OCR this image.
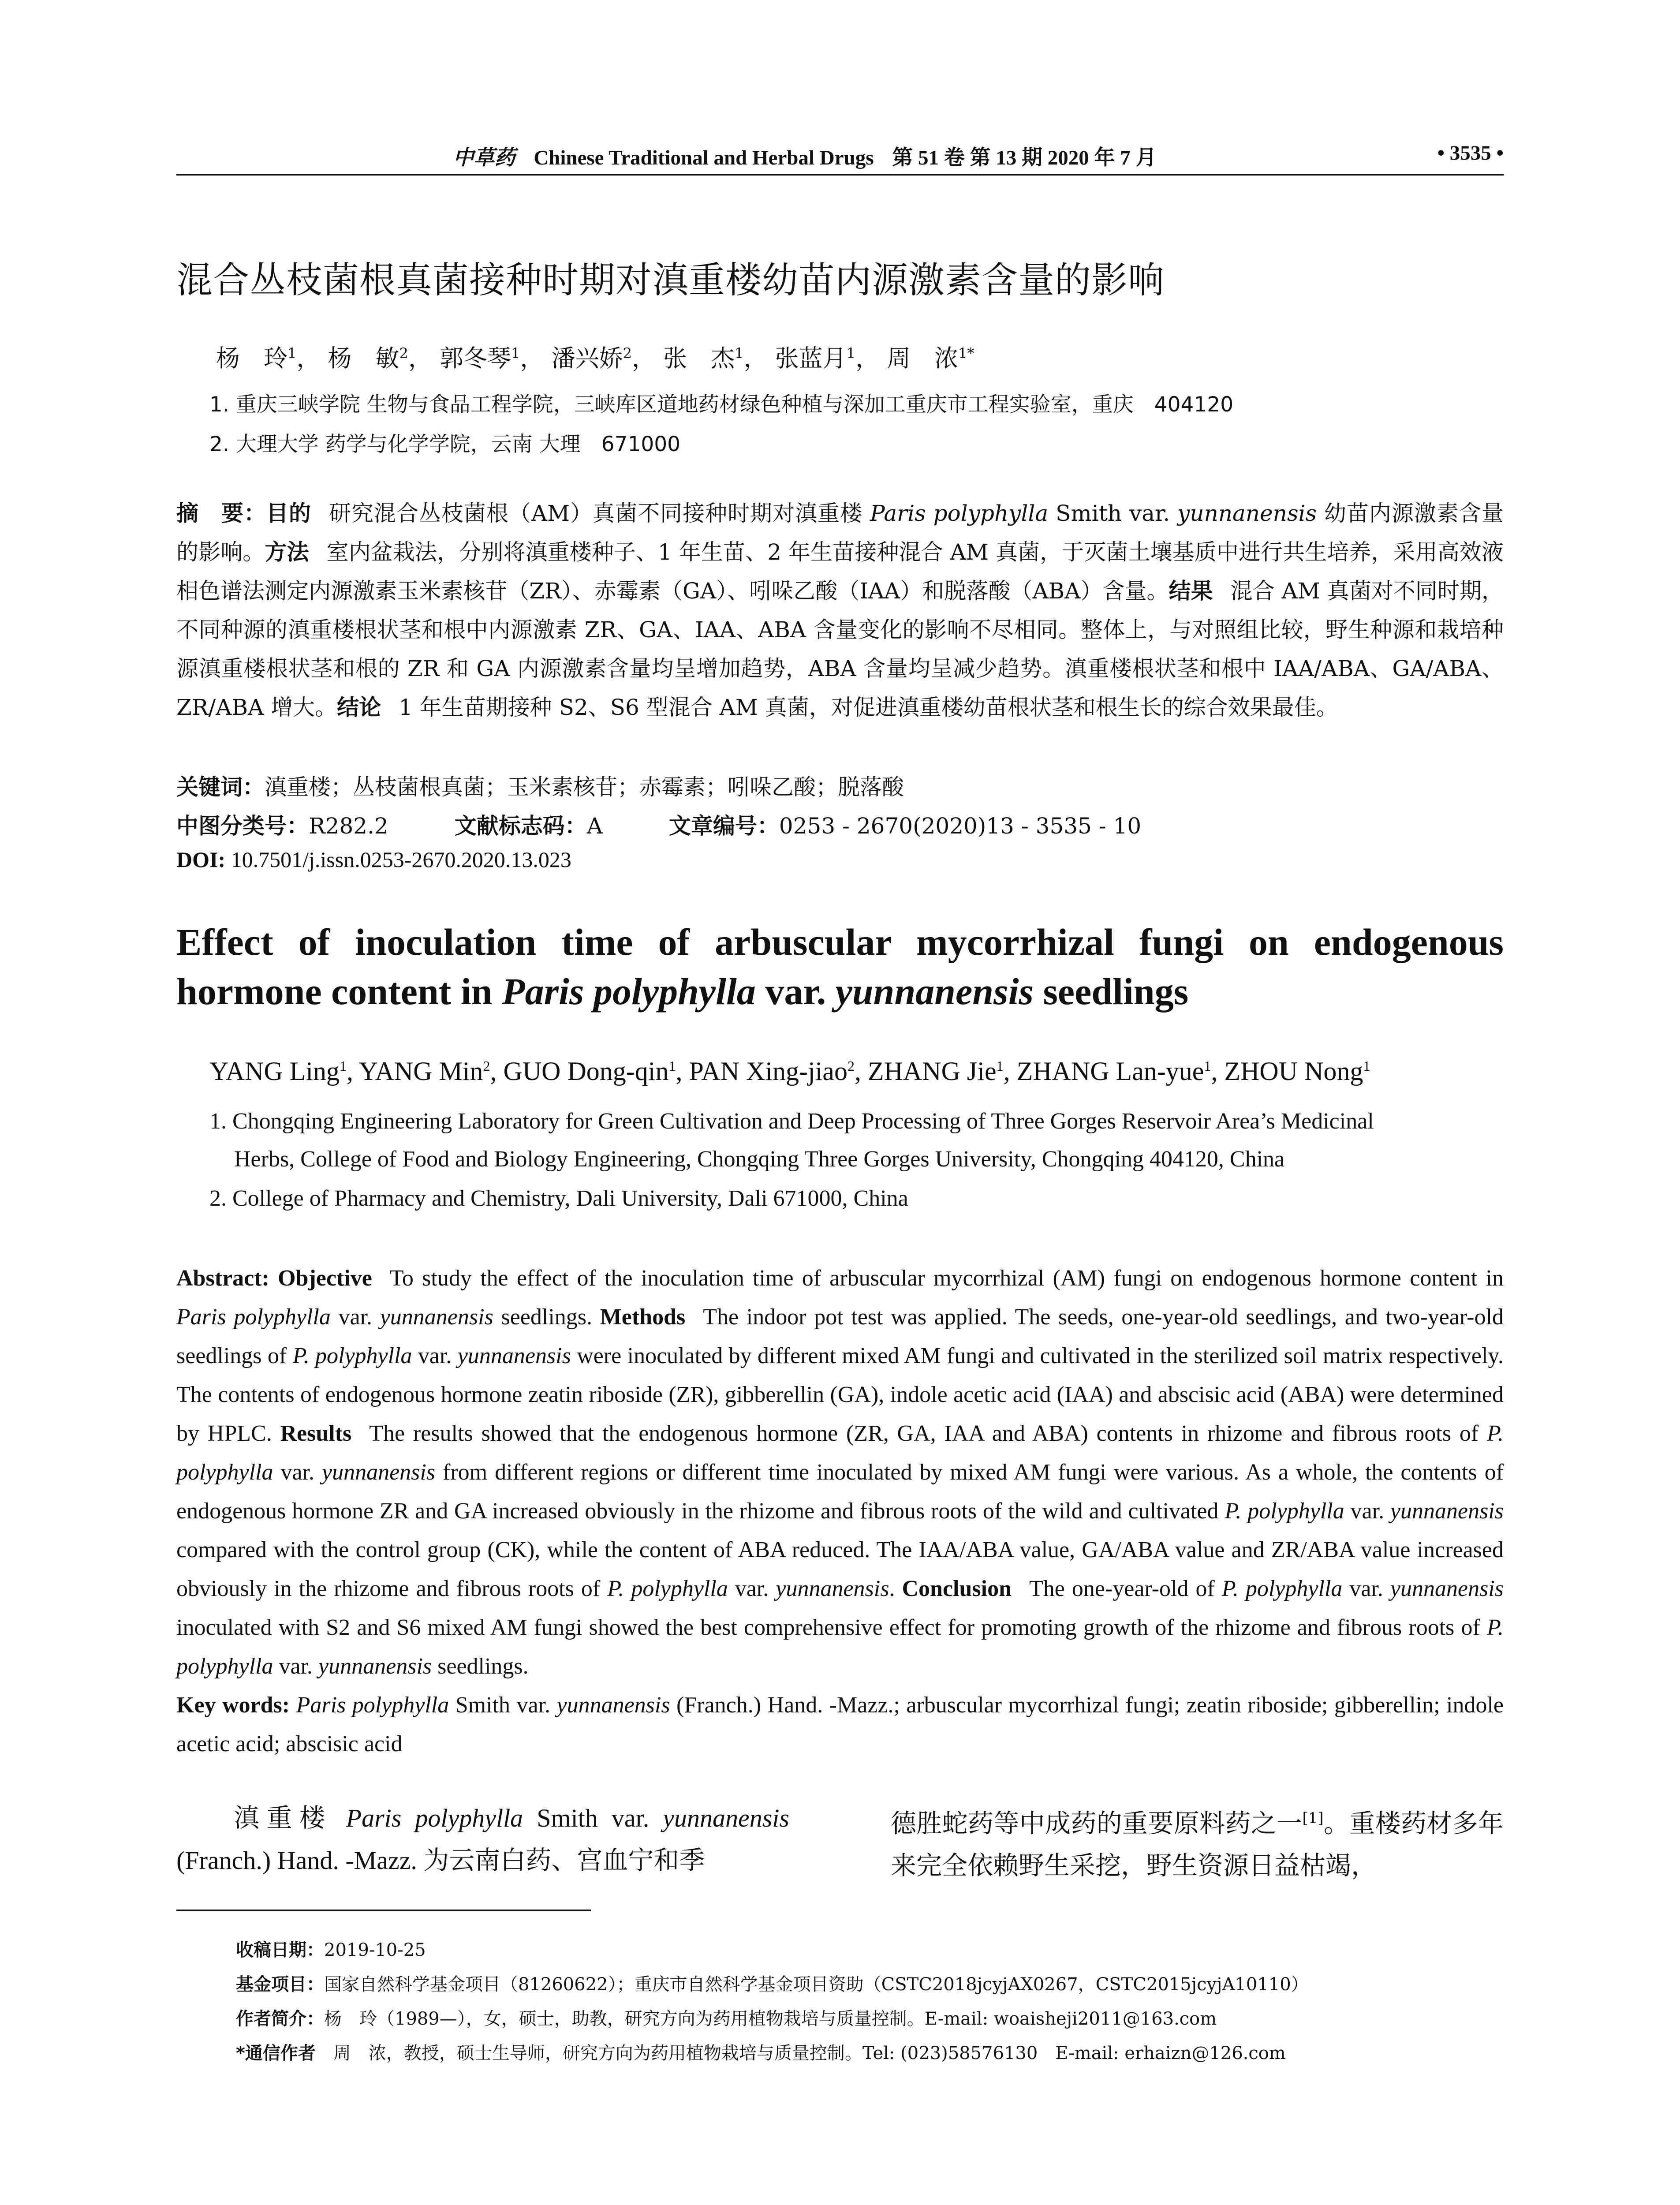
中草药 Chinese Traditional and Herbal Drugs 第 51 卷 第 13 期 2020 年 7 月	• 3535 •
混合丛枝菌根真菌接种时期对滇重楼幼苗内源激素含量的影响
杨　玲$^1$， 杨　敏$^2$， 郭冬琴$^1$， 潘兴娇$^2$， 张　杰$^1$， 张蓝月$^1$， 周　浓$^{1*}$
1. 重庆三峡学院 生物与食品工程学院，三峡库区道地药材绿色种植与深加工重庆市工程实验室，重庆　404120
2. 大理大学 药学与化学学院，云南 大理　671000
摘　要：目的 研究混合丛枝菌根（AM）真菌不同接种时期对滇重楼 Paris polyphylla Smith var. yunnanensis 幼苗内源激素含量的影响。方法 室内盆栽法，分别将滇重楼种子、1 年生苗、2 年生苗接种混合 AM 真菌，于灭菌土壤基质中进行共生培养，采用高效液相色谱法测定内源激素玉米素核苷（ZR）、赤霉素（GA）、吲哚乙酸（IAA）和脱落酸（ABA）含量。结果 混合 AM 真菌对不同时期，不同种源的滇重楼根状茎和根中内源激素 ZR、GA、IAA、ABA 含量变化的影响不尽相同。整体上，与对照组比较，野生种源和栽培种源滇重楼根状茎和根的 ZR 和 GA 内源激素含量均呈增加趋势，ABA 含量均呈减少趋势。滇重楼根状茎和根中 IAA/ABA、GA/ABA、ZR/ABA 增大。结论 1 年生苗期接种 S2、S6 型混合 AM 真菌，对促进滇重楼幼苗根状茎和根生长的综合效果最佳。
关键词：滇重楼；丛枝菌根真菌；玉米素核苷；赤霉素；吲哚乙酸；脱落酸
中图分类号：R282.2	文献标志码：A	文章编号：0253 - 2670(2020)13 - 3535 - 10
DOI: 10.7501/j.issn.0253-2670.2020.13.023
Effect of inoculation time of arbuscular mycorrhizal fungi on endogenous hormone content in Paris polyphylla var. yunnanensis seedlings
YANG Ling$^1$, YANG Min$^2$, GUO Dong-qin$^1$, PAN Xing-jiao$^2$, ZHANG Jie$^1$, ZHANG Lan-yue$^1$, ZHOU Nong$^1$
1. Chongqing Engineering Laboratory for Green Cultivation and Deep Processing of Three Gorges Reservoir Area’s Medicinal
Herbs, College of Food and Biology Engineering, Chongqing Three Gorges University, Chongqing 404120, China
2. College of Pharmacy and Chemistry, Dali University, Dali 671000, China
Abstract: Objective To study the effect of the inoculation time of arbuscular mycorrhizal (AM) fungi on endogenous hormone content in Paris polyphylla var. yunnanensis seedlings. Methods The indoor pot test was applied. The seeds, one-year-old seedlings, and two-year-old seedlings of P. polyphylla var. yunnanensis were inoculated by different mixed AM fungi and cultivated in the sterilized soil matrix respectively. The contents of endogenous hormone zeatin riboside (ZR), gibberellin (GA), indole acetic acid (IAA) and abscisic acid (ABA) were determined by HPLC. Results The results showed that the endogenous hormone (ZR, GA, IAA and ABA) contents in rhizome and fibrous roots of P. polyphylla var. yunnanensis from different regions or different time inoculated by mixed AM fungi were various. As a whole, the contents of endogenous hormone ZR and GA increased obviously in the rhizome and fibrous roots of the wild and cultivated P. polyphylla var. yunnanensis compared with the control group (CK), while the content of ABA reduced. The IAA/ABA value, GA/ABA value and ZR/ABA value increased obviously in the rhizome and fibrous roots of P. polyphylla var. yunnanensis. Conclusion The one-year-old of P. polyphylla var. yunnanensis inoculated with S2 and S6 mixed AM fungi showed the best comprehensive effect for promoting growth of the rhizome and fibrous roots of P. polyphylla var. yunnanensis seedlings.
Key words: Paris polyphylla Smith var. yunnanensis (Franch.) Hand. -Mazz.; arbuscular mycorrhizal fungi; zeatin riboside; gibberellin; indole acetic acid; abscisic acid
滇重楼 Paris polyphylla Smith var. yunnanensis (Franch.) Hand. -Mazz. 为云南白药、宫血宁和季
德胜蛇药等中成药的重要原料药之一[1]。重楼药材多年来完全依赖野生采挖，野生资源日益枯竭，
收稿日期：2019-10-25
基金项目：国家自然科学基金项目（81260622）；重庆市自然科学基金项目资助（CSTC2018jcyjAX0267，CSTC2015jcyjA10110）
作者简介：杨　玲（1989—），女，硕士，助教，研究方向为药用植物栽培与质量控制。E-mail: woaisheji2011@163.com
*通信作者　周　浓，教授，硕士生导师，研究方向为药用植物栽培与质量控制。Tel: (023)58576130　E-mail: erhaizn@126.com
